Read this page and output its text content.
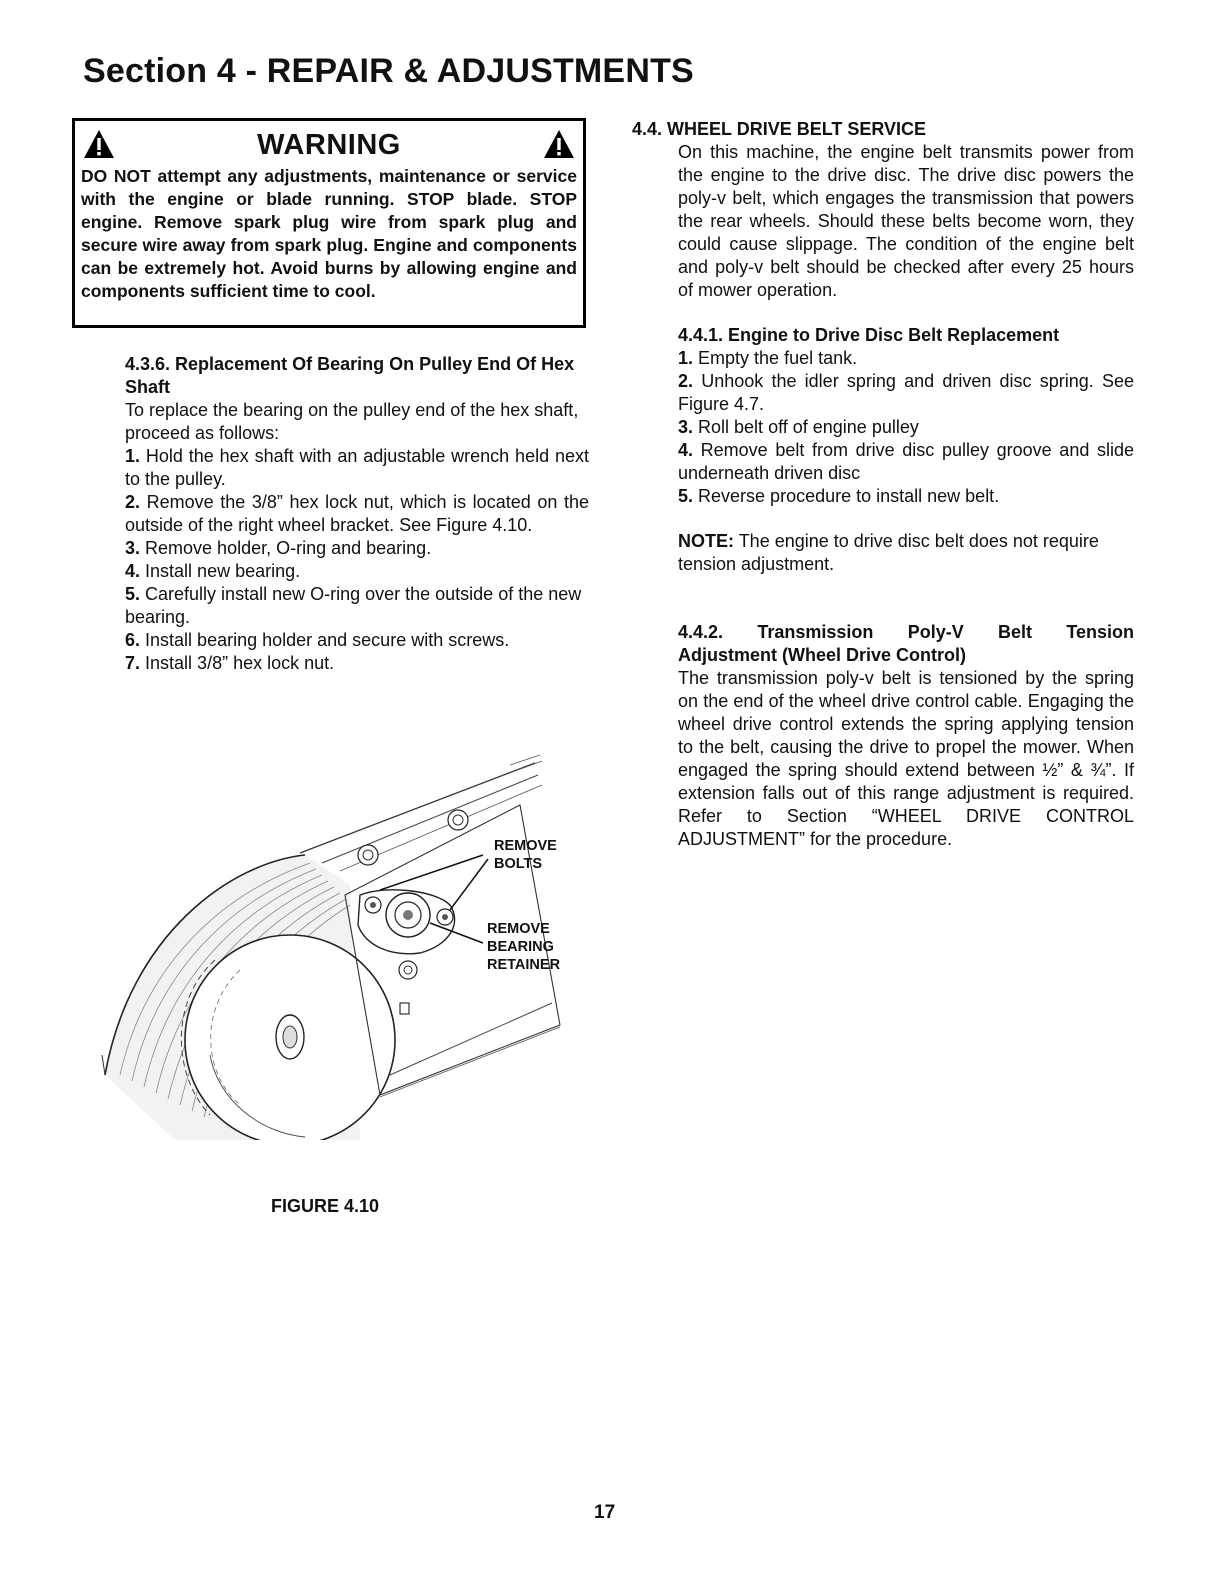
Section 4 - REPAIR & ADJUSTMENTS
WARNING

DO NOT attempt any adjustments, maintenance or service with the engine or blade running. STOP blade. STOP engine. Remove spark plug wire from spark plug and secure wire away from spark plug. Engine and components can be extremely hot. Avoid burns by allowing engine and components sufficient time to cool.

4.3.6. Replacement Of Bearing On Pulley End Of Hex Shaft

To replace the bearing on the pulley end of the hex shaft, proceed as follows:

1. Hold the hex shaft with an adjustable wrench held next to the pulley.

2. Remove the 3/8” hex lock nut, which is located on the outside of the right wheel bracket. See Figure 4.10.

3. Remove holder, O-ring and bearing.

4. Install new bearing.

5. Carefully install new O-ring over the outside of the new bearing.

6. Install bearing holder and secure with screws.

7. Install 3/8” hex lock nut.

REMOVE
BOLTS

REMOVE
BEARING
RETAINER

FIGURE 4.10

4.4. WHEEL DRIVE BELT SERVICE

On this machine, the engine belt transmits power from the engine to the drive disc. The drive disc powers the poly-v belt, which engages the transmission that powers the rear wheels. Should these belts become worn, they could cause slippage. The condition of the engine belt and poly-v belt should be checked after every 25 hours of mower operation.

4.4.1. Engine to Drive Disc Belt Replacement

1. Empty the fuel tank.

2. Unhook the idler spring and driven disc spring. See Figure 4.7.

3. Roll belt off of engine pulley

4. Remove belt from drive disc pulley groove and slide underneath driven disc

5. Reverse procedure to install new belt.

NOTE: The engine to drive disc belt does not require tension adjustment.

4.4.2. Transmission Poly-V Belt Tension

Adjustment (Wheel Drive Control)

The transmission poly-v belt is tensioned by the spring on the end of the wheel drive control cable. Engaging the wheel drive control extends the spring applying tension to the belt, causing the drive to propel the mower. When engaged the spring should extend between ½” & ¾”. If extension falls out of this range adjustment is required. Refer to Section “WHEEL DRIVE CONTROL ADJUSTMENT” for the procedure.

17
